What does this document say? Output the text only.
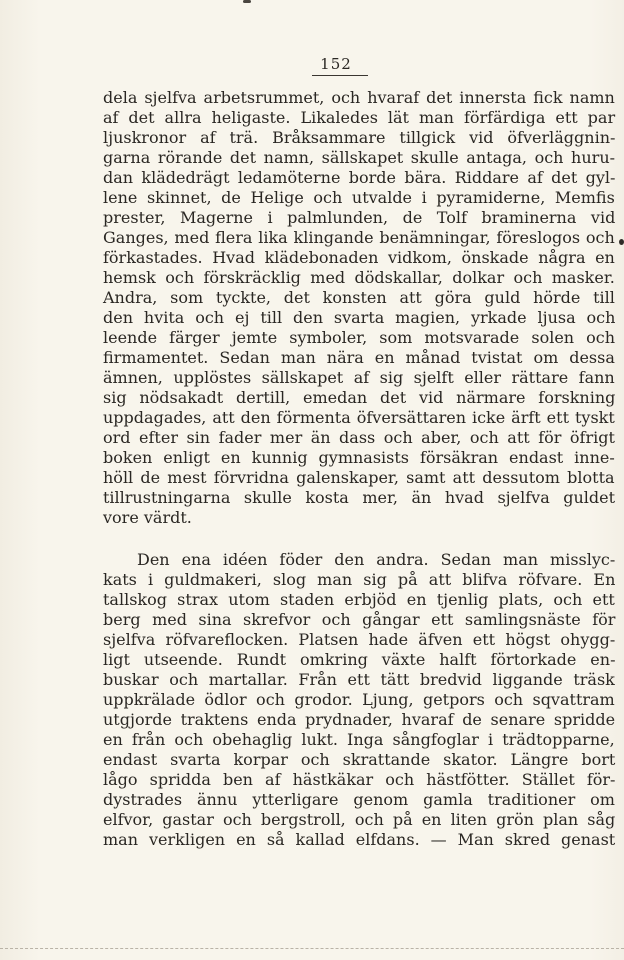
152
dela sjelfva arbetsrummet, och hvaraf det innersta fick namn
af det allra heligaste. Likaledes lät man förfärdiga ett par
ljuskronor af trä. Bråksammare tillgick vid öfverläggnin-
garna rörande det namn, sällskapet skulle antaga, och huru-
dan klädedrägt ledamöterne borde bära. Riddare af det gyl-
lene skinnet, de Helige och utvalde i pyramiderne, Memfis
prester, Magerne i palmlunden, de Tolf braminerna vid
Ganges, med flera lika klingande benämningar, föreslogos och
förkastades. Hvad klädebonaden vidkom, önskade några en
hemsk och förskräcklig med dödskallar, dolkar och masker.
Andra, som tyckte, det konsten att göra guld hörde till
den hvita och ej till den svarta magien, yrkade ljusa och
leende färger jemte symboler, som motsvarade solen och
firmamentet. Sedan man nära en månad tvistat om dessa
ämnen, upplöstes sällskapet af sig sjelft eller rättare fann
sig nödsakadt dertill, emedan det vid närmare forskning
uppdagades, att den förmenta öfversättaren icke ärft ett tyskt
ord efter sin fader mer än dass och aber, och att för öfrigt
boken enligt en kunnig gymnasists försäkran endast inne-
höll de mest förvridna galenskaper, samt att dessutom blotta
tillrustningarna skulle kosta mer, än hvad sjelfva guldet
vore värdt.
Den ena idéen föder den andra. Sedan man misslyc-
kats i guldmakeri, slog man sig på att blifva röfvare. En
tallskog strax utom staden erbjöd en tjenlig plats, och ett
berg med sina skrefvor och gångar ett samlingsnäste för
sjelfva röfvareflocken. Platsen hade äfven ett högst ohygg-
ligt utseende. Rundt omkring växte halft förtorkade en-
buskar och martallar. Från ett tätt bredvid liggande träsk
uppkrälade ödlor och grodor. Ljung, getpors och sqvattram
utgjorde traktens enda prydnader, hvaraf de senare spridde
en från och obehaglig lukt. Inga sångfoglar i trädtopparne,
endast svarta korpar och skrattande skator. Längre bort
lågo spridda ben af hästkäkar och hästfötter. Stället för-
dystrades ännu ytterligare genom gamla traditioner om
elfvor, gastar och bergstroll, och på en liten grön plan såg
man verkligen en så kallad elfdans. — Man skred genast
